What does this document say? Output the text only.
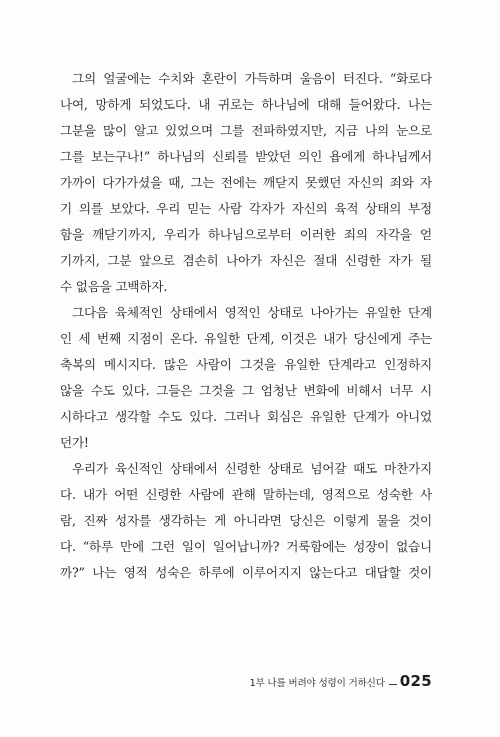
그의 얼굴에는 수치와 혼란이 가득하며 울음이 터진다. “화로다
나여, 망하게 되었도다. 내 귀로는 하나님에 대해 들어왔다. 나는
그분을 많이 알고 있었으며 그를 전파하였지만, 지금 나의 눈으로
그를 보는구나!” 하나님의 신뢰를 받았던 의인 욥에게 하나님께서
가까이 다가가셨을 때, 그는 전에는 깨닫지 못했던 자신의 죄와 자
기 의를 보았다. 우리 믿는 사람 각자가 자신의 육적 상태의 부정
함을 깨닫기까지, 우리가 하나님으로부터 이러한 죄의 자각을 얻
기까지, 그분 앞으로 겸손히 나아가 자신은 절대 신령한 자가 될
수 없음을 고백하자.
그다음 육체적인 상태에서 영적인 상태로 나아가는 유일한 단계
인 세 번째 지점이 온다. 유일한 단계, 이것은 내가 당신에게 주는
축복의 메시지다. 많은 사람이 그것을 유일한 단계라고 인정하지
않을 수도 있다. 그들은 그것을 그 엄청난 변화에 비해서 너무 시
시하다고 생각할 수도 있다. 그러나 회심은 유일한 단계가 아니었
던가!
우리가 육신적인 상태에서 신령한 상태로 넘어갈 때도 마찬가지
다. 내가 어떤 신령한 사람에 관해 말하는데, 영적으로 성숙한 사
람, 진짜 성자를 생각하는 게 아니라면 당신은 이렇게 물을 것이
다. “하루 만에 그런 일이 일어납니까? 거룩함에는 성장이 없습니
까?” 나는 영적 성숙은 하루에 이루어지지 않는다고 대답할 것이
1부 나를 버려야 성령이 거하신다 025
